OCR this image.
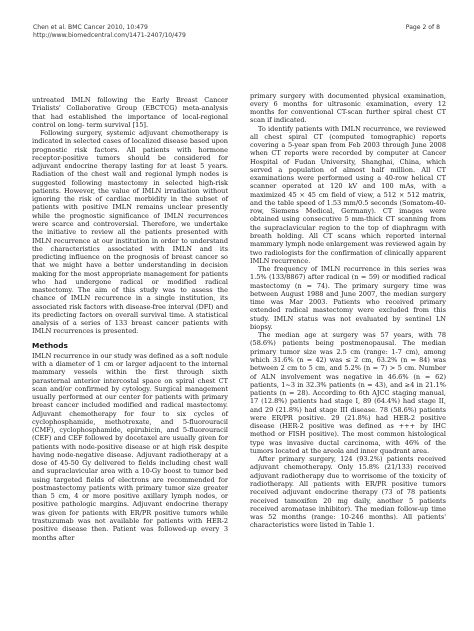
Chen et al. BMC Cancer 2010, 10:479
http://www.biomedcentral.com/1471-2407/10/479
Page 2 of 8

untreated IMLN following the Early Breast Cancer Trialists' Collaborative Group (EBCTCG) meta-analysis that had established the importance of local-regional control on long- term survival [15].

Following surgery, systemic adjuvant chemotherapy is indicated in selected cases of localized disease based upon prognostic risk factors. All patients with hormone receptor-positive tumors should be considered for adjuvant endocrine therapy lasting for at least 5 years. Radiation of the chest wall and regional lymph nodes is suggested following mastectomy in selected high-risk patients. However, the value of IMLN irradiation without ignoring the risk of cardiac morbidity in the subset of patients with positive IMLN remains unclear presently while the prognostic significance of IMLN recurrences were scarce and controversial. Therefore, we undertake the initiative to review all the patients presented with IMLN recurrence at our institution in order to understand the characteristics associated with IMLN and its predicting influence on the prognosis of breast cancer so that we might have a better understanding in decision making for the most appropriate management for patients who had undergone radical or modified radical mastectomy. The aim of this study was to assess the chance of IMLN recurrence in a single institution, its associated risk factors with disease-free interval (DFI) and its predicting factors on overall survival time. A statistical analysis of a series of 133 breast cancer patients with IMLN recurrences is presented.

Methods

IMLN recurrence in our study was defined as a soft nodule with a diameter of 1 cm or larger adjacent to the internal mammary vessels within the first through sixth parasternal anterior intercostal space on spiral chest CT scan and/or confirmed by cytology. Surgical management usually performed at our center for patients with primary breast cancer included modified and radical mastectomy. Adjuvant chemotherapy for four to six cycles of cyclophosphamide, methotrexate, and 5-fluorouracil (CMF), cyclophosphamide, epirubicin, and 5-fluorouracil (CEF) and CEF followed by docetaxel are usually given for patients with node-positive disease or at high risk despite having node-negative disease. Adjuvant radiotherapy at a dose of 45-50 Gy delivered to fields including chest wall and supraclavicular area with a 10-Gy boost to tumor bed using targeted fields of electrons are recommended for postmastectomy patients with primary tumor size greater than 5 cm, 4 or more positive axillary lymph nodes, or positive pathologic margins. Adjuvant endocrine therapy was given for patients with ER/PR positive tumors while trastuzumab was not available for patients with HER-2 positive disease then. Patient was followed-up every 3 months after

primary surgery with documented physical examination, every 6 months for ultrasonic examination, every 12 months for conventional CT-scan further spiral chest CT scan if indicated.

To identify patients with IMLN recurrence, we reviewed all chest spiral CT (computed tomographic) reports covering a 5-year span from Feb 2003 through June 2008 when CT reports were recorded by computer at Cancer Hospital of Fudan University, Shanghai, China, which served a population of almost half million. All CT examinations were performed using a 40-row helical CT scanner operated at 120 kV and 100 mAs, with a maximized 45 × 45 cm field of view, a 512 × 512 matrix, and the table speed of 1.53 mm/0.5 seconds (Somatom-40-row, Siemens Medical, Germany). CT images were obtained using consecutive 5 mm-thick CT scanning from the supraclavicular region to the top of diaphragm with breath holding. All CT scans which reported internal mammary lymph node enlargement was reviewed again by two radiologists for the confirmation of clinically apparent IMLN recurrence.

The frequency of IMLN recurrence in this series was 1.5% (133/8867) after radical (n = 59) or modified radical mastectomy (n = 74). The primary surgery time was between August 1988 and June 2007, the median surgery time was Mar 2003. Patients who received primary extended radical mastectomy were excluded from this study. IMLN status was not evaluated by sentinel LN biopsy.

The median age at surgery was 57 years, with 78 (58.6%) patients being postmenopausal. The median primary tumor size was 2.5 cm (range: 1-7 cm), among which 31.6% (n = 42) was ≤ 2 cm, 63.2% (n = 84) was between 2 cm to 5 cm, and 5.2% (n = 7) > 5 cm. Number of ALN involvement was negative in 46.6% (n = 62) patients, 1~3 in 32.3% patients (n = 43), and ≥4 in 21.1% patients (n = 28). According to 6th AJCC staging manual, 17 (12.8%) patients had stage I, 89 (64.4%) had stage II, and 29 (21.8%) had stage III disease. 78 (58.6%) patients were ER/PR positive. 29 (21.8%) had HER-2 positive disease (HER-2 positive was defined as +++ by IHC method or FISH positive). The most common histological type was invasive ductal carcinoma, with 46% of the tumors located at the areola and inner quadrant area.

After primary surgery, 124 (93.2%) patients received adjuvant chemotherapy. Only 15.8% (21/133) received adjuvant radiotherapy due to worrisome of the toxicity of radiotherapy. All patients with ER/PR positive tumors received adjuvant endocrine therapy (73 of 78 patients received tamoxifen 20 mg daily, another 5 patients received aromatase inhibitor). The median follow-up time was 52 months (range: 10-246 months). All patients' characteristics were listed in Table 1.
